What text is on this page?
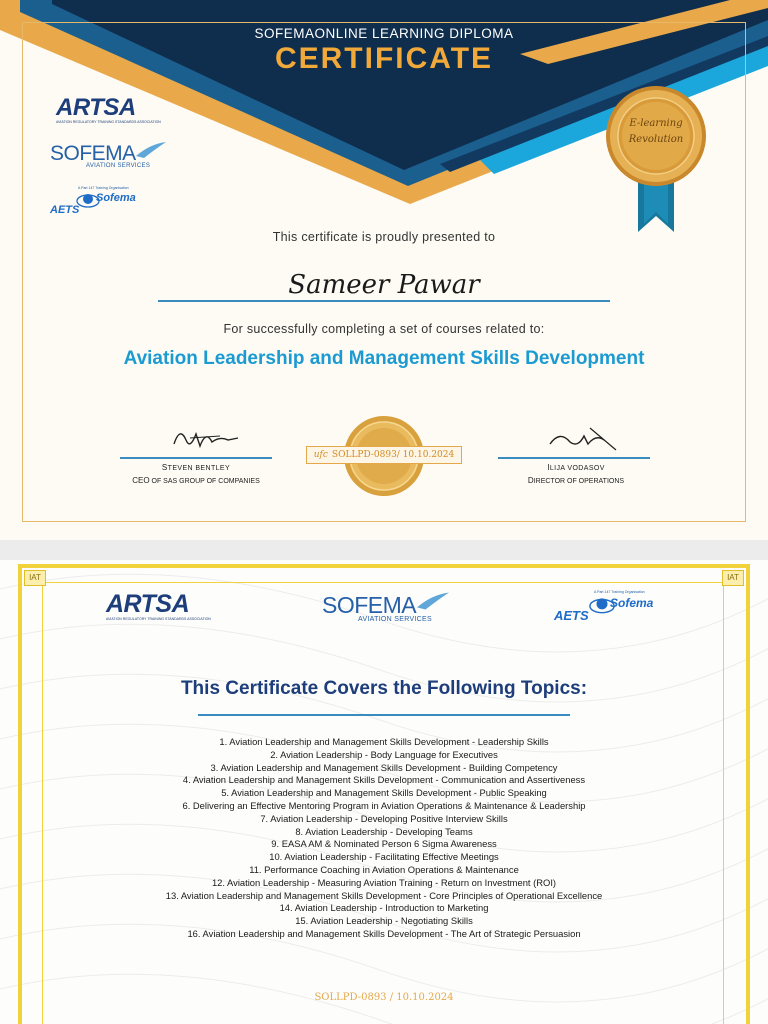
SOFEMAONLINE LEARNING DIPLOMA
CERTIFICATE
ARTSA
AVIATION REGULATORY TRAINING STANDARDS ASSOCIATION
SOFEMA
AVIATION SERVICES
A Part 147 Training Organisation
AETS
Sofema
E-learning
Revolution
This certificate is proudly presented to
Sameer Pawar
For successfully completing a set of courses related to:
Aviation Leadership and Management Skills Development
STEVEN BENTLEY
CEO OF SAS GROUP OF COMPANIES
ufc SOLLPD-0893/ 10.10.2024
ILIJA VODASOV
DIRECTOR OF OPERATIONS
IAT	IAT
ARTSA
AVIATION REGULATORY TRAINING STANDARDS ASSOCIATION
SOFEMA
AVIATION SERVICES
A Part 147 Training Organisation
AETS
Sofema
This Certificate Covers the Following Topics:
1. Aviation Leadership and Management Skills Development - Leadership Skills
2. Aviation Leadership - Body Language for Executives
3. Aviation Leadership and Management Skills Development - Building Competency
4. Aviation Leadership and Management Skills Development - Communication and Assertiveness
5. Aviation Leadership and Management Skills Development - Public Speaking
6. Delivering an Effective Mentoring Program in Aviation Operations & Maintenance & Leadership
7. Aviation Leadership - Developing Positive Interview Skills
8. Aviation Leadership - Developing Teams
9. EASA AM & Nominated Person 6 Sigma Awareness
10. Aviation Leadership - Facilitating Effective Meetings
11. Performance Coaching in Aviation Operations & Maintenance
12. Aviation Leadership - Measuring Aviation Training - Return on Investment (ROI)
13. Aviation Leadership and Management Skills Development - Core Principles of Operational Excellence
14. Aviation Leadership - Introduction to Marketing
15. Aviation Leadership - Negotiating Skills
16. Aviation Leadership and Management Skills Development - The Art of Strategic Persuasion
SOLLPD-0893 / 10.10.2024
